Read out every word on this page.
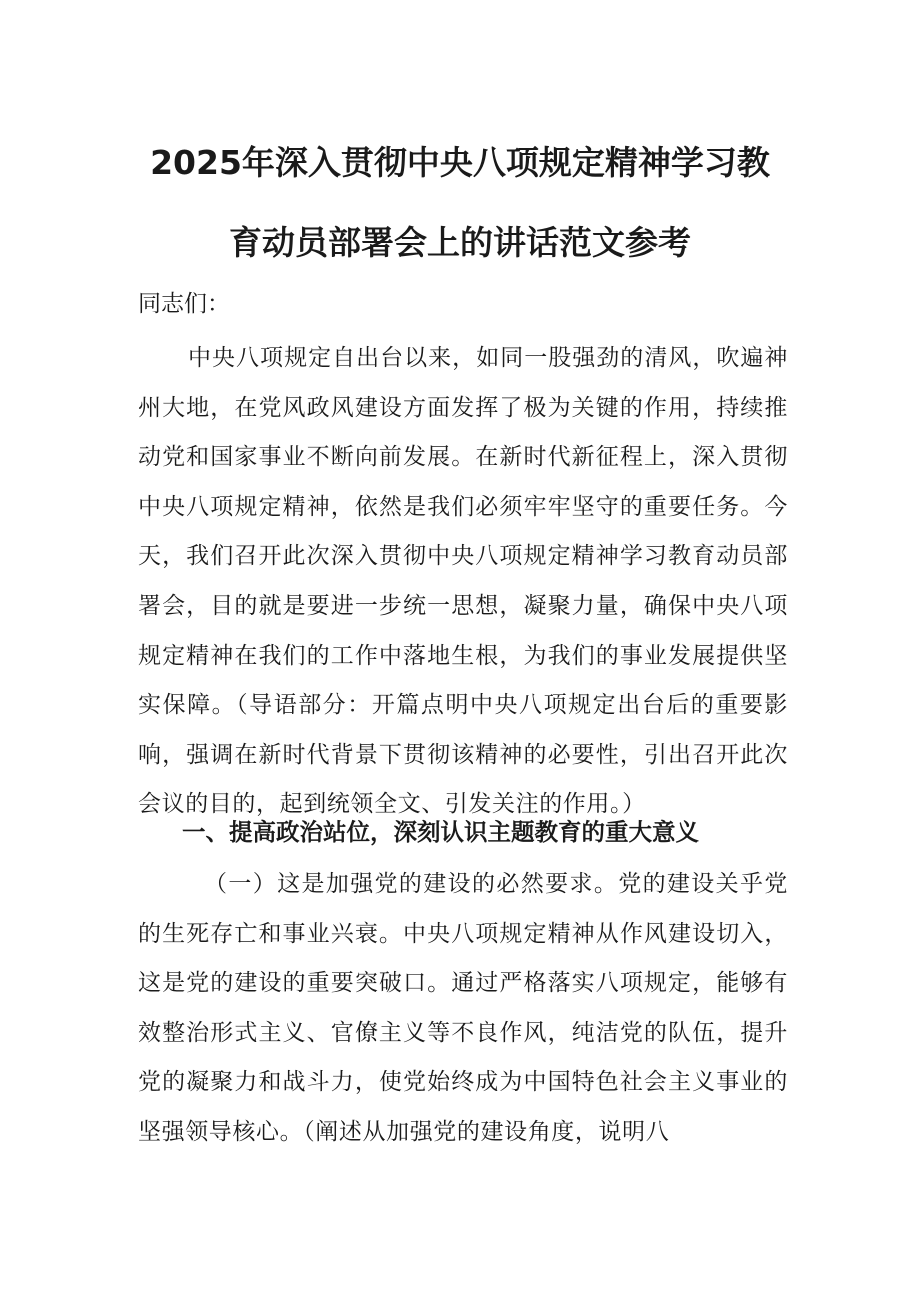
2025年深入贯彻中央八项规定精神学习教
育动员部署会上的讲话范文参考
同志们：

中央八项规定自出台以来，如同一股强劲的清风，吹遍神州大地，在党风政风建设方面发挥了极为关键的作用，持续推动党和国家事业不断向前发展。在新时代新征程上，深入贯彻中央八项规定精神，依然是我们必须牢牢坚守的重要任务。今天，我们召开此次深入贯彻中央八项规定精神学习教育动员部署会，目的就是要进一步统一思想，凝聚力量，确保中央八项规定精神在我们的工作中落地生根，为我们的事业发展提供坚实保障。（导语部分：开篇点明中央八项规定出台后的重要影响，强调在新时代背景下贯彻该精神的必要性，引出召开此次会议的目的，起到统领全文、引发关注的作用。）

一、提高政治站位，深刻认识主题教育的重大意义

（一）这是加强党的建设的必然要求。党的建设关乎党的生死存亡和事业兴衰。中央八项规定精神从作风建设切入，这是党的建设的重要突破口。通过严格落实八项规定，能够有效整治形式主义、官僚主义等不良作风，纯洁党的队伍，提升党的凝聚力和战斗力，使党始终成为中国特色社会主义事业的坚强领导核心。（阐述从加强党的建设角度，说明八
